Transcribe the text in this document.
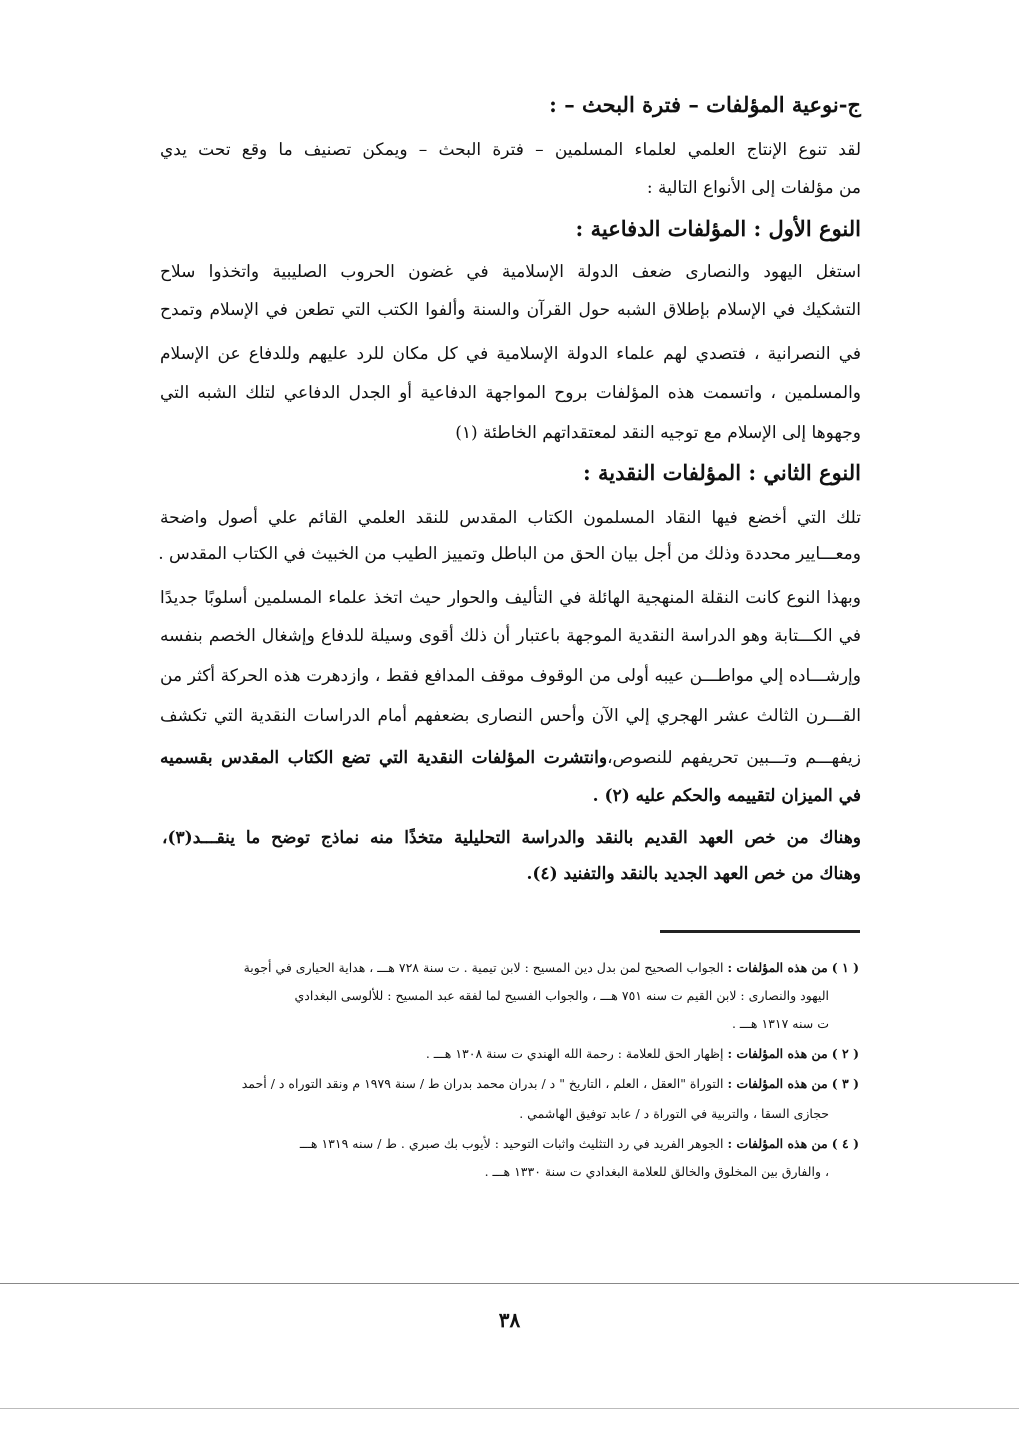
ج-نوعية المؤلفات – فترة البحث – :
لقد تنوع الإنتاج العلمي لعلماء المسلمين – فترة البحث – ويمكن تصنيف ما وقع تحت يدي
من مؤلفات إلى الأنواع التالية :
النوع الأول : المؤلفات الدفاعية :
استغل اليهود والنصارى ضعف الدولة الإسلامية في غضون الحروب الصليبية واتخذوا سلاح
التشكيك في الإسلام بإطلاق الشبه حول القرآن والسنة وألفوا الكتب التي تطعن في الإسلام وتمدح
في النصرانية ، فتصدي لهم علماء الدولة الإسلامية في كل مكان للرد عليهم وللدفاع عن الإسلام
والمسلمين ، واتسمت هذه المؤلفات بروح المواجهة الدفاعية أو الجدل الدفاعي لتلك الشبه التي
وجهوها إلى الإسلام مع توجيه النقد لمعتقداتهم الخاطئة (١)
النوع الثاني : المؤلفات النقدية :
تلك التي أخضع فيها النقاد المسلمون الكتاب المقدس للنقد العلمي القائم علي أصول واضحة
ومعـــايير محددة وذلك من أجل بيان الحق من الباطل وتمييز الطيب من الخبيث في الكتاب المقدس .
وبهذا النوع كانت النقلة المنهجية الهائلة في التأليف والحوار حيث اتخذ علماء المسلمين أسلوبًا جديدًا
في الكـــتابة وهو الدراسة النقدية الموجهة باعتبار أن ذلك أقوى وسيلة للدفاع وإشغال الخصم بنفسه
وإرشـــاده إلي مواطـــن عيبه أولى من الوقوف موقف المدافع فقط ، وازدهرت هذه الحركة أكثر من
القـــرن الثالث عشر الهجري إلي الآن وأحس النصارى بضعفهم أمام الدراسات النقدية التي تكشف
زيفهـــم وتـــبين تحريفهم للنصوص،وانتشرت المؤلفات النقدية التي تضع الكتاب المقدس بقسميه
في الميزان لتقييمه والحكم عليه (٢) .
وهناك من خص العهد القديم بالنقد والدراسة التحليلية متخذًا منه نماذج توضح ما ينقـــد(٣)،
وهناك من خص العهد الجديد بالنقد والتفنيد (٤).
( ١ ) من هذه المؤلفات : الجواب الصحيح لمن بدل دين المسيح : لابن تيمية . ت سنة ٧٢٨ هـــ ، هداية الحيارى في أجوبة
اليهود والنصارى : لابن القيم ت سنه ٧٥١ هـــ ، والجواب الفسيح لما لفقه عبد المسيح : للألوسى البغدادي
ت سنه ١٣١٧ هـــ .
( ٢ ) من هذه المؤلفات : إظهار الحق للعلامة : رحمة الله الهندي ت سنة ١٣٠٨ هـــ .
( ٣ ) من هذه المؤلفات : التوراة "العقل ، العلم ، التاريخ " د / بدران محمد بدران ط / سنة ١٩٧٩ م ونقد التوراه د / أحمد
حجازى السقا ، والتربية في التوراة د / عابد توفيق الهاشمي .
( ٤ ) من هذه المؤلفات : الجوهر الفريد في رد التثليث واثبات التوحيد : لأيوب بك صبري . ط / سنه ١٣١٩ هـــ
، والفارق بين المخلوق والخالق للعلامة البغدادي ت سنة ١٣٣٠ هـــ .
٣٨
